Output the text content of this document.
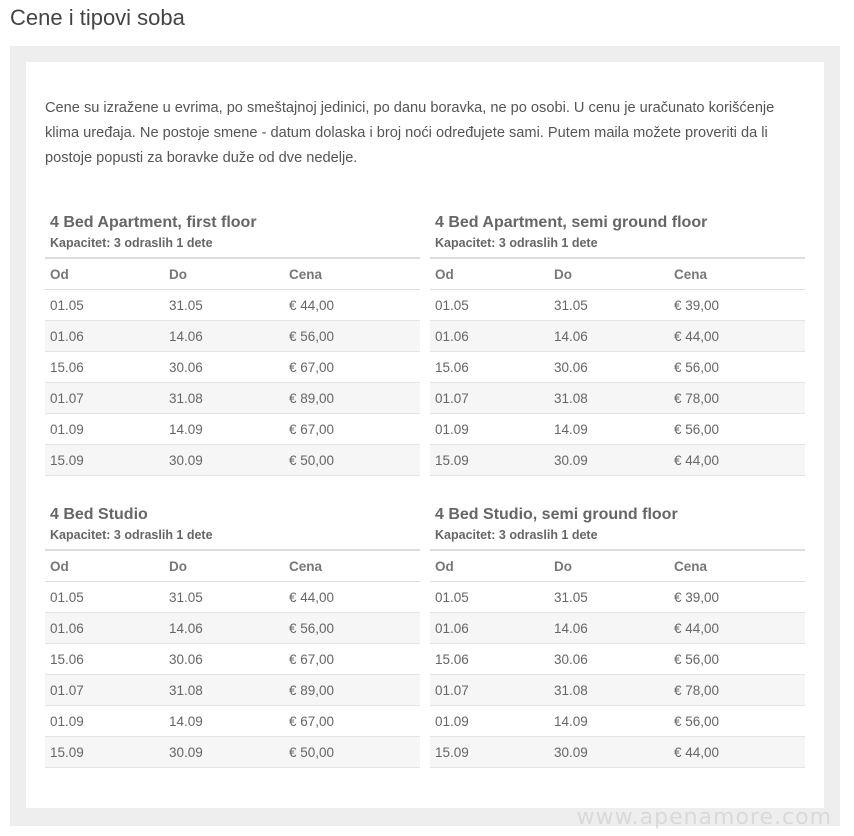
Cene i tipovi soba

Cene su izražene u evrima, po smeštajnoj jedinici, po danu boravka, ne po osobi. U cenu je uračunato korišćenje klima uređaja. Ne postoje smene - datum dolaska i broj noći određujete sami. Putem maila možete proveriti da li postoje popusti za boravke duže od dve nedelje.

4 Bed Apartment, first floor
Kapacitet: 3 odraslih 1 dete
Od	Do	Cena
01.05	31.05	€ 44,00
01.06	14.06	€ 56,00
15.06	30.06	€ 67,00
01.07	31.08	€ 89,00
01.09	14.09	€ 67,00
15.09	30.09	€ 50,00
4 Bed Apartment, semi ground floor
Kapacitet: 3 odraslih 1 dete
Od	Do	Cena
01.05	31.05	€ 39,00
01.06	14.06	€ 44,00
15.06	30.06	€ 56,00
01.07	31.08	€ 78,00
01.09	14.09	€ 56,00
15.09	30.09	€ 44,00
4 Bed Studio
Kapacitet: 3 odraslih 1 dete
Od	Do	Cena
01.05	31.05	€ 44,00
01.06	14.06	€ 56,00
15.06	30.06	€ 67,00
01.07	31.08	€ 89,00
01.09	14.09	€ 67,00
15.09	30.09	€ 50,00
4 Bed Studio, semi ground floor
Kapacitet: 3 odraslih 1 dete
Od	Do	Cena
01.05	31.05	€ 39,00
01.06	14.06	€ 44,00
15.06	30.06	€ 56,00
01.07	31.08	€ 78,00
01.09	14.09	€ 56,00
15.09	30.09	€ 44,00
www.apenamore.com
